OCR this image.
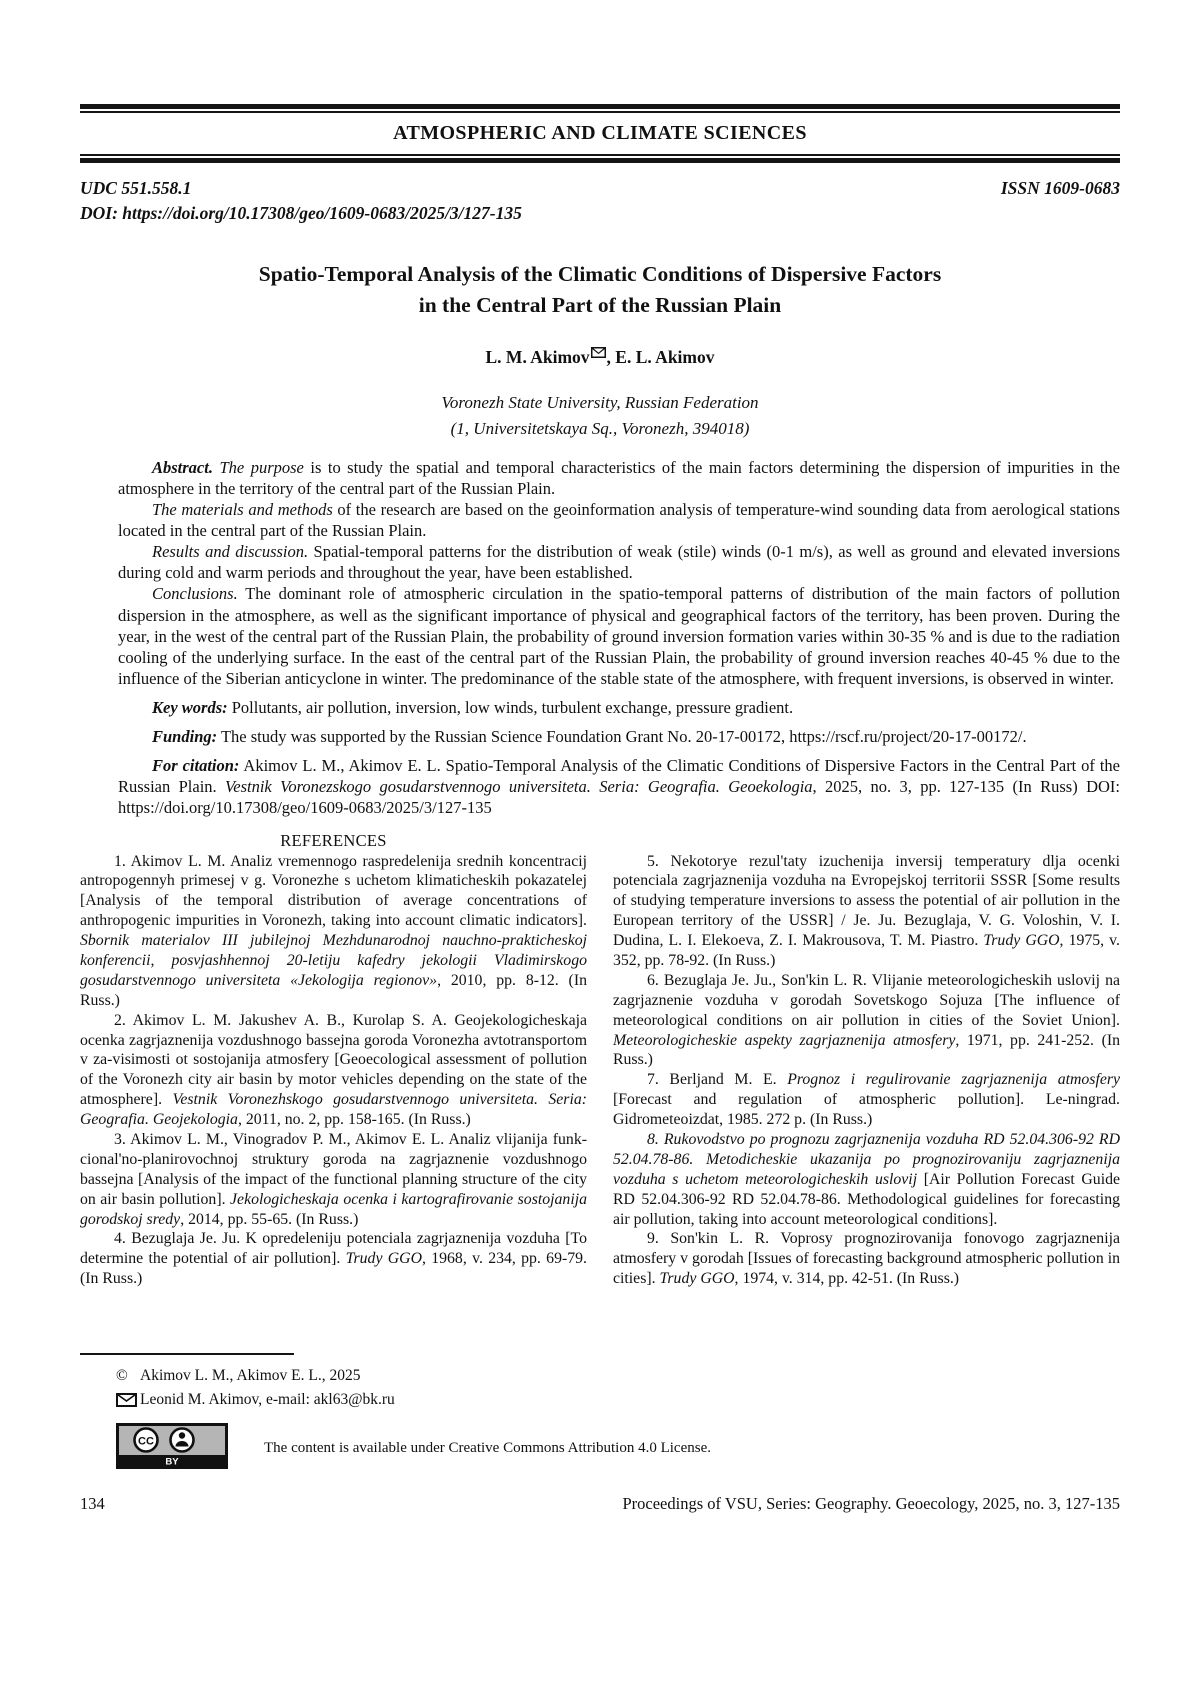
ATMOSPHERIC AND CLIMATE SCIENCES
UDC 551.558.1	ISSN 1609-0683
DOI: https://doi.org/10.17308/geo/1609-0683/2025/3/127-135
Spatio-Temporal Analysis of the Climatic Conditions of Dispersive Factors
in the Central Part of the Russian Plain
L. M. Akimov , E. L. Akimov
Voronezh State University, Russian Federation
(1, Universitetskaya Sq., Voronezh, 394018)

Abstract. The purpose is to study the spatial and temporal characteristics of the main factors determining the dispersion of impurities in the atmosphere in the territory of the central part of the Russian Plain.

The materials and methods of the research are based on the geoinformation analysis of temperature-wind sounding data from aerological stations located in the central part of the Russian Plain.

Results and discussion. Spatial-temporal patterns for the distribution of weak (stile) winds (0-1 m/s), as well as ground and elevated inversions during cold and warm periods and throughout the year, have been established.

Conclusions. The dominant role of atmospheric circulation in the spatio-temporal patterns of distribution of the main factors of pollution dispersion in the atmosphere, as well as the significant importance of physical and geographical factors of the territory, has been proven. During the year, in the west of the central part of the Russian Plain, the probability of ground inversion formation varies within 30-35 % and is due to the radiation cooling of the underlying surface. In the east of the central part of the Russian Plain, the probability of ground inversion reaches 40-45 % due to the influence of the Siberian anticyclone in winter. The predominance of the stable state of the atmosphere, with frequent inversions, is observed in winter.

Key words: Pollutants, air pollution, inversion, low winds, turbulent exchange, pressure gradient.

Funding: The study was supported by the Russian Science Foundation Grant No. 20-17-00172, https://rscf.ru/project/20-17-00172/.

For citation: Akimov L. M., Akimov E. L. Spatio-Temporal Analysis of the Climatic Conditions of Dispersive Factors in the Central Part of the Russian Plain. Vestnik Voronezskogo gosudarstvennogo universiteta. Seria: Geografia. Geoekologia, 2025, no. 3, pp. 127-135 (In Russ) DOI: https://doi.org/10.17308/geo/1609-0683/2025/3/127-135

REFERENCES

1. Akimov L. M. Analiz vremennogo raspredelenija srednih koncentracij antropogennyh primesej v g. Voronezhe s uchetom klimaticheskih pokazatelej [Analysis of the temporal distribution of average concentrations of anthropogenic impurities in Voronezh, taking into account climatic indicators]. Sbornik materialov III jubilejnoj Mezhdunarodnoj nauchno-prakticheskoj konferencii, posvjashhennoj 20-letiju kafedry jekologii Vladimirskogo gosudarstvennogo universiteta «Jekologija regionov», 2010, pp. 8-12. (In Russ.)

2. Akimov L. M. Jakushev A. B., Kurolap S. A. Geojekologicheskaja ocenka zagrjaznenija vozdushnogo bassejna goroda Voronezha avtotransportom v za-visimosti ot sostojanija atmosfery [Geoecological assessment of pollution of the Voronezh city air basin by motor vehicles depending on the state of the atmosphere]. Vestnik Voronezhskogo gosudarstvennogo universiteta. Seria: Geografia. Geojekologia, 2011, no. 2, pp. 158-165. (In Russ.)

3. Akimov L. M., Vinogradov P. M., Akimov E. L. Analiz vlijanija funk-cional'no-planirovochnoj struktury goroda na zagrjaznenie vozdushnogo bassejna [Analysis of the impact of the functional planning structure of the city on air basin pollution]. Jekologicheskaja ocenka i kartografirovanie sostojanija gorodskoj sredy, 2014, pp. 55-65. (In Russ.)

4. Bezuglaja Je. Ju. K opredeleniju potenciala zagrjaznenija vozduha [To determine the potential of air pollution]. Trudy GGO, 1968, v. 234, pp. 69-79. (In Russ.)

5. Nekotorye rezul'taty izuchenija inversij temperatury dlja ocenki potenciala zagrjaznenija vozduha na Evropejskoj territorii SSSR [Some results of studying temperature inversions to assess the potential of air pollution in the European territory of the USSR] / Je. Ju. Bezuglaja, V. G. Voloshin, V. I. Dudina, L. I. Elekoeva, Z. I. Makrousova, T. M. Piastro. Trudy GGO, 1975, v. 352, pp. 78-92. (In Russ.)

6. Bezuglaja Je. Ju., Son'kin L. R. Vlijanie meteorologicheskih uslovij na zagrjaznenie vozduha v gorodah Sovetskogo Sojuza [The influence of meteorological conditions on air pollution in cities of the Soviet Union]. Meteorologicheskie aspekty zagrjaznenija atmosfery, 1971, pp. 241-252. (In Russ.)

7. Berljand M. E. Prognoz i regulirovanie zagrjaznenija atmosfery [Forecast and regulation of atmospheric pollution]. Le-ningrad. Gidrometeoizdat, 1985. 272 p. (In Russ.)

8. Rukovodstvo po prognozu zagrjaznenija vozduha RD 52.04.306-92 RD 52.04.78-86. Metodicheskie ukazanija po prognozirovaniju zagrjaznenija vozduha s uchetom meteorologicheskih uslovij [Air Pollution Forecast Guide RD 52.04.306-92 RD 52.04.78-86. Methodological guidelines for forecasting air pollution, taking into account meteorological conditions].

9. Son'kin L. R. Voprosy prognozirovanija fonovogo zagrjaznenija atmosfery v gorodah [Issues of forecasting background atmospheric pollution in cities]. Trudy GGO, 1974, v. 314, pp. 42-51. (In Russ.)

© Akimov L. M., Akimov E. L., 2025
Leonid M. Akimov, e-mail: akl63@bk.ru
CC
BY
The content is available under Creative Commons Attribution 4.0 License.
134	Proceedings of VSU, Series: Geography. Geoecology, 2025, no. 3, 127-135
